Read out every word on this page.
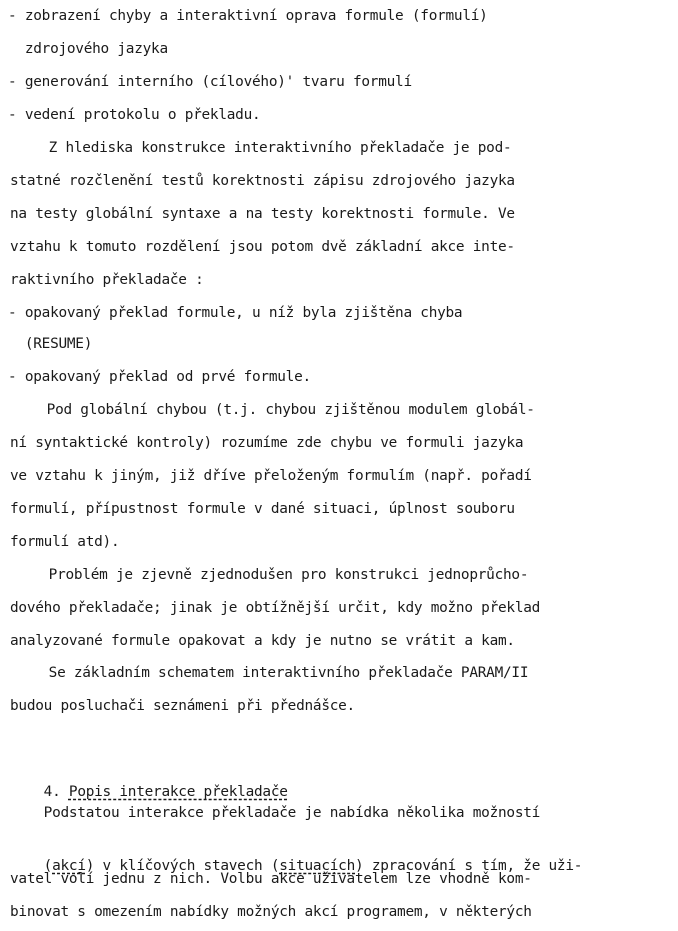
- zobrazení chyby a interaktivní oprava formule (formulí)
zdrojového jazyka
- generování interního (cílového)' tvaru formulí
- vedení protokolu o překladu.
Z hlediska konstrukce interaktivního překladače je pod-
statné rozčlenění testů korektnosti zápisu zdrojového jazyka
na testy globální syntaxe a na testy korektnosti formule. Ve
vztahu k tomuto rozdělení jsou potom dvě základní akce inte-
raktivního překladače :
- opakovaný překlad formule, u níž byla zjištěna chyba
(RESUME)
- opakovaný překlad od prvé formule.
Pod globální chybou (t.j. chybou zjištěnou modulem globál-
ní syntaktické kontroly) rozumíme zde chybu ve formuli jazyka
ve vztahu k jiným, již dříve přeloženým formulím (např. pořadí
formulí, přípustnost formule v dané situaci, úplnost souboru
formulí atd).
Problém je zjevně zjednodušen pro konstrukci jednoprůcho-
dového překladače; jinak je obtížnější určit, kdy možno překlad
analyzované formule opakovat a kdy je nutno se vrátit a kam.
Se základním schematem interaktivního překladače PARAM/II
budou posluchači seznámeni při přednášce.

4. Popis interakce překladače

Podstatou interakce překladače je nabídka několika možností

(akcí) v klíčových stavech (situacích) zpracování s tím, že uži-

vatel volí jednu z nich. Volbu akce uživatelem lze vhodně kom-
binovat s omezením nabídky možných akcí programem, v některých
